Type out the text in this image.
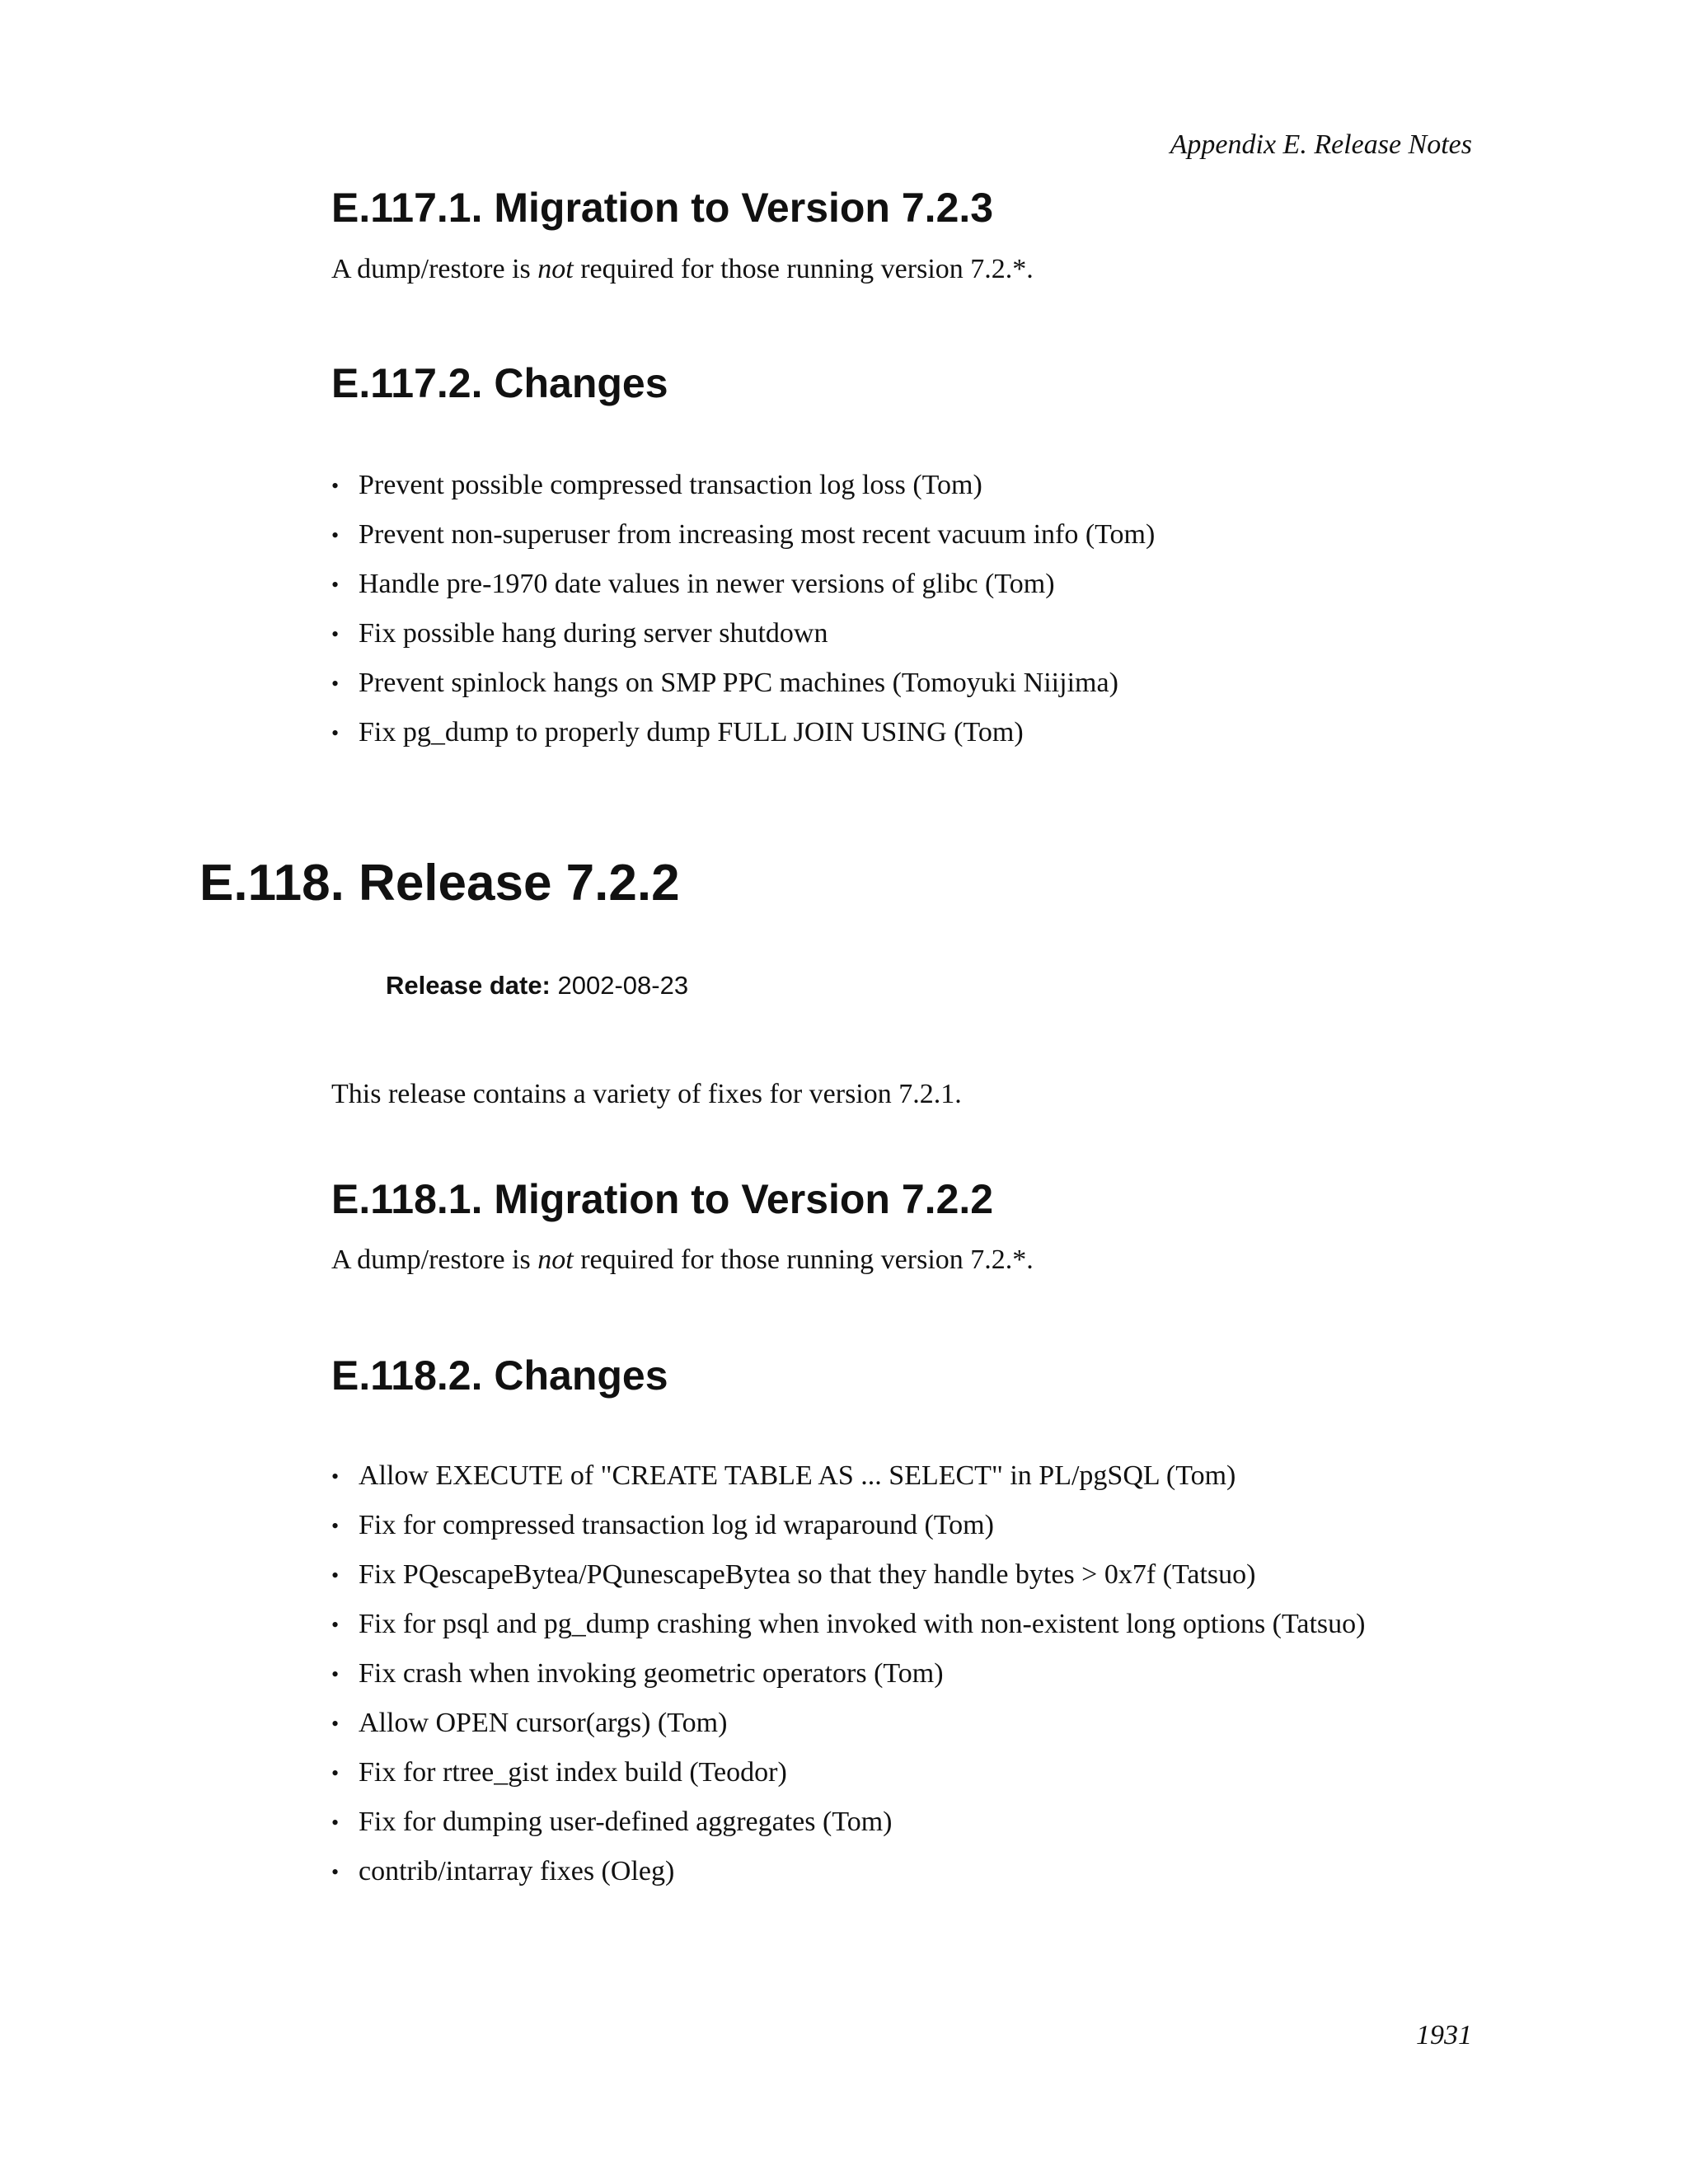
Appendix E. Release Notes
E.117.1. Migration to Version 7.2.3

A dump/restore is not required for those running version 7.2.*.

E.117.2. Changes
• Prevent possible compressed transaction log loss (Tom)
• Prevent non-superuser from increasing most recent vacuum info (Tom)
• Handle pre-1970 date values in newer versions of glibc (Tom)
• Fix possible hang during server shutdown
• Prevent spinlock hangs on SMP PPC machines (Tomoyuki Niijima)
• Fix pg_dump to properly dump FULL JOIN USING (Tom)
E.118. Release 7.2.2

Release date: 2002-08-23

This release contains a variety of fixes for version 7.2.1.

E.118.1. Migration to Version 7.2.2

A dump/restore is not required for those running version 7.2.*.

E.118.2. Changes
• Allow EXECUTE of "CREATE TABLE AS ... SELECT" in PL/pgSQL (Tom)
• Fix for compressed transaction log id wraparound (Tom)
• Fix PQescapeBytea/PQunescapeBytea so that they handle bytes > 0x7f (Tatsuo)
• Fix for psql and pg_dump crashing when invoked with non-existent long options (Tatsuo)
• Fix crash when invoking geometric operators (Tom)
• Allow OPEN cursor(args) (Tom)
• Fix for rtree_gist index build (Teodor)
• Fix for dumping user-defined aggregates (Tom)
• contrib/intarray fixes (Oleg)
1931
